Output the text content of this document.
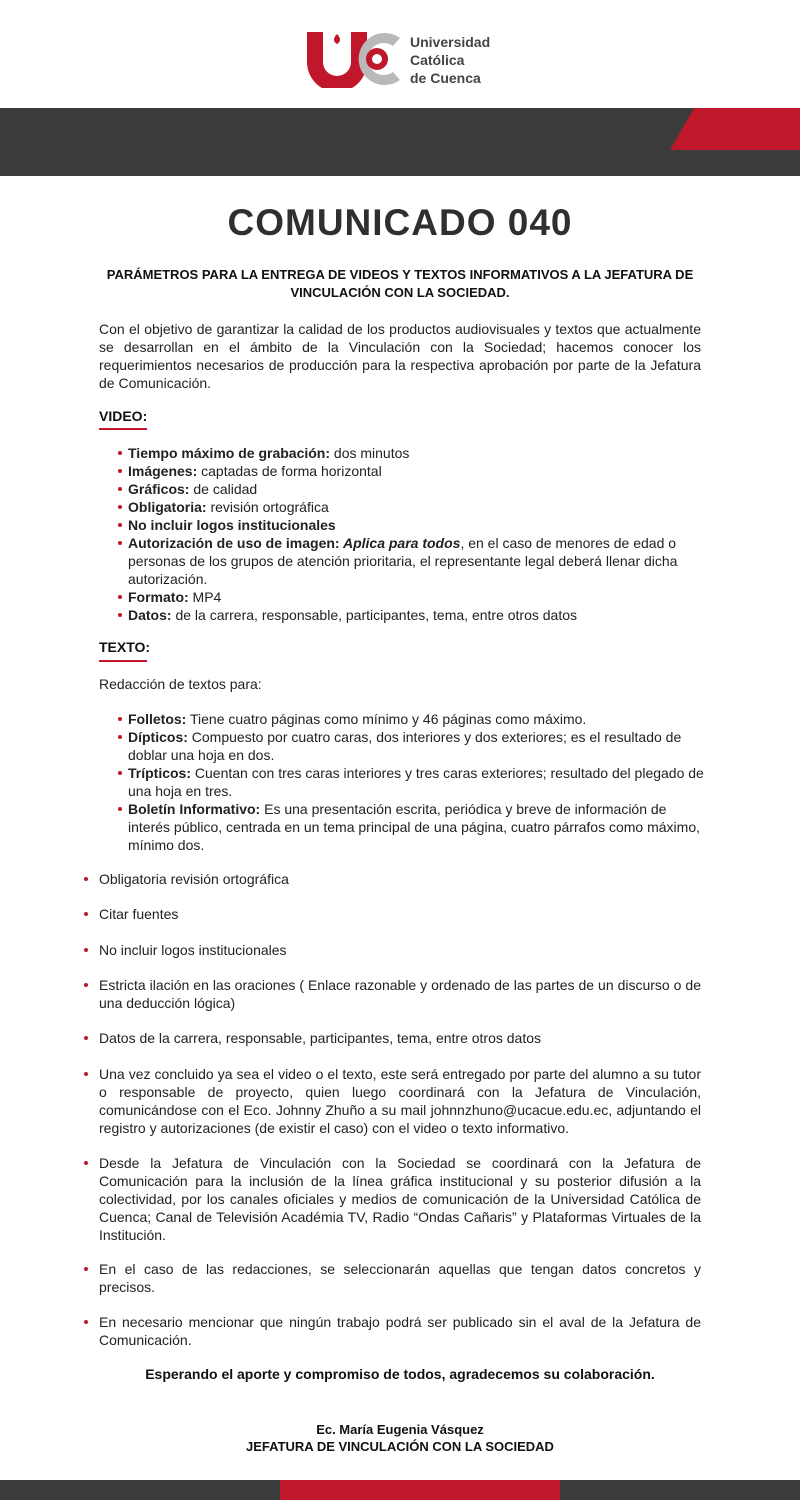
Universidad
Católica
de Cuenca
COMUNICADO 040
PARÁMETROS PARA LA ENTREGA DE VIDEOS Y TEXTOS INFORMATIVOS A LA JEFATURA DE VINCULACIÓN CON LA SOCIEDAD.

Con el objetivo de garantizar la calidad de los productos audiovisuales y textos que actualmente se desarrollan en el ámbito de la Vinculación con la Sociedad; hacemos conocer los requerimientos necesarios de producción para la respectiva aprobación por parte de la Jefatura de Comunicación.

VIDEO:
Tiempo máximo de grabación: dos minutos
Imágenes: captadas de forma horizontal
Gráficos: de calidad
Obligatoria: revisión ortográfica
No incluir logos institucionales
Autorización de uso de imagen: Aplica para todos, en el caso de menores de edad o personas de los grupos de atención prioritaria, el representante legal deberá llenar dicha autorización.
Formato: MP4
Datos: de la carrera, responsable, participantes, tema, entre otros datos
TEXTO:

Redacción de textos para:

Folletos: Tiene cuatro páginas como mínimo y 46 páginas como máximo.
Dípticos: Compuesto por cuatro caras, dos interiores y dos exteriores; es el resultado de doblar una hoja en dos.
Trípticos: Cuentan con tres caras interiores y tres caras exteriores; resultado del plegado de una hoja en tres.
Boletín Informativo: Es una presentación escrita, periódica y breve de información de interés público, centrada en un tema principal de una página, cuatro párrafos como máximo, mínimo dos.
Obligatoria revisión ortográfica
Citar fuentes
No incluir logos institucionales
Estricta ilación en las oraciones ( Enlace razonable y ordenado de las partes de un discurso o de una deducción lógica)
Datos de la carrera, responsable, participantes, tema, entre otros datos
Una vez concluido ya sea el video o el texto, este será entregado por parte del alumno a su tutor o responsable de proyecto, quien luego coordinará con la Jefatura de Vinculación, comunicándose con el Eco. Johnny Zhuño a su mail johnnzhuno@ucacue.edu.ec, adjuntando el registro y autorizaciones (de existir el caso) con el video o texto informativo.
Desde la Jefatura de Vinculación con la Sociedad se coordinará con la Jefatura de Comunicación para la inclusión de la línea gráfica institucional y su posterior difusión a la colectividad, por los canales oficiales y medios de comunicación de la Universidad Católica de Cuenca; Canal de Televisión Académia TV, Radio “Ondas Cañaris” y Plataformas Virtuales de la Institución.
En el caso de las redacciones, se seleccionarán aquellas que tengan datos concretos y precisos.
En necesario mencionar que ningún trabajo podrá ser publicado sin el aval de la Jefatura de Comunicación.
Esperando el aporte y compromiso de todos, agradecemos su colaboración.
Ec. María Eugenia Vásquez
JEFATURA DE VINCULACIÓN CON LA SOCIEDAD
